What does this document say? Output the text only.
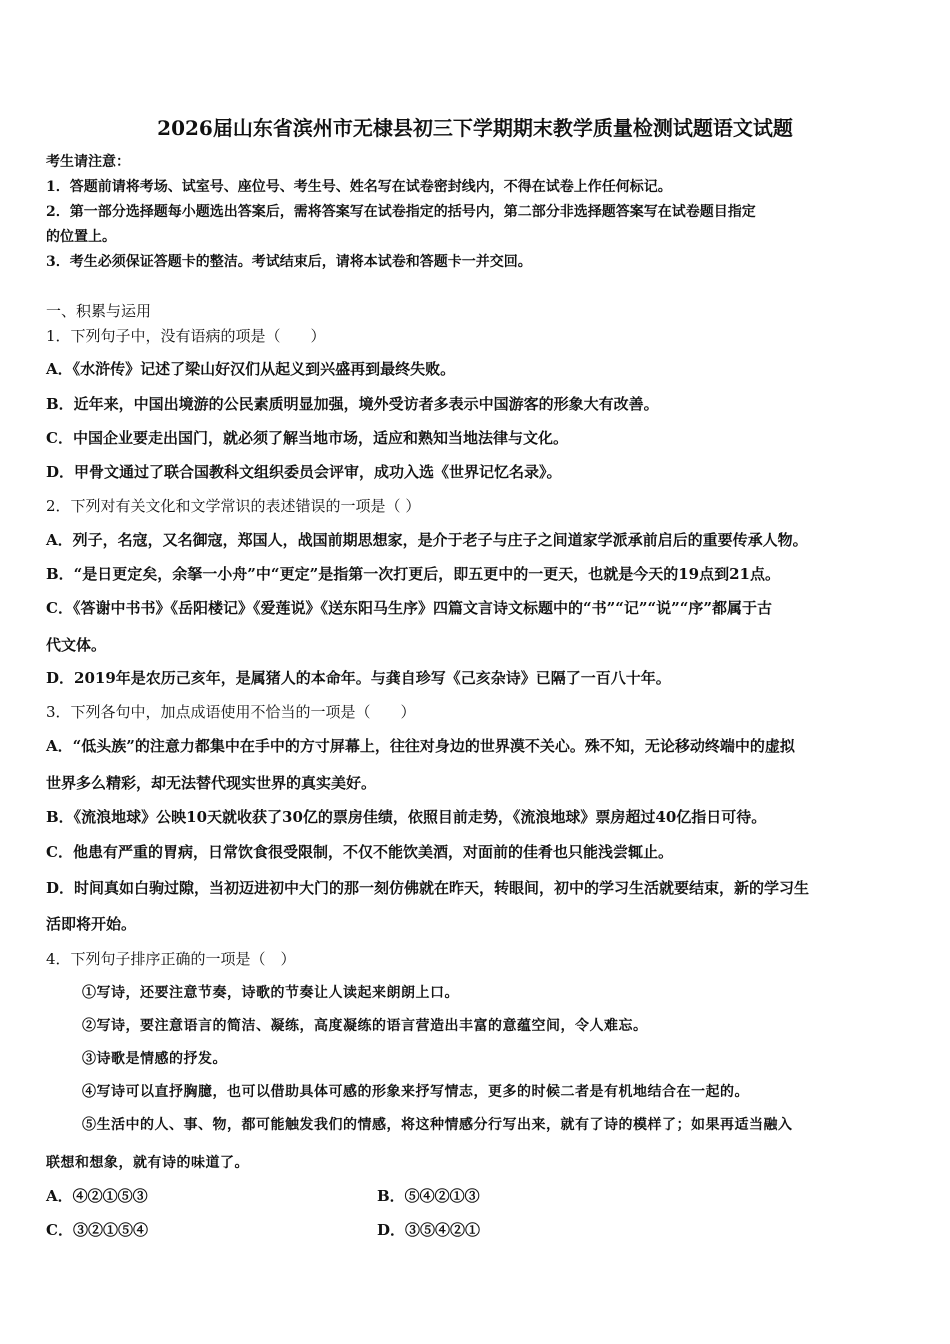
2026届山东省滨州市无棣县初三下学期期末教学质量检测试题语文试题
考生请注意：
1．答题前请将考场、试室号、座位号、考生号、姓名写在试卷密封线内，不得在试卷上作任何标记。
2．第一部分选择题每小题选出答案后，需将答案写在试卷指定的括号内，第二部分非选择题答案写在试卷题目指定
的位置上。
3．考生必须保证答题卡的整洁。考试结束后，请将本试卷和答题卡一并交回。
一、积累与运用
1．下列句子中，没有语病的项是（　　）
A．《水浒传》记述了梁山好汉们从起义到兴盛再到最终失败。
B．近年来，中国出境游的公民素质明显加强，境外受访者多表示中国游客的形象大有改善。
C．中国企业要走出国门，就必须了解当地市场，适应和熟知当地法律与文化。
D．甲骨文通过了联合国教科文组织委员会评审，成功入选《世界记忆名录》。
2．下列对有关文化和文学常识的表述错误的一项是（ ）
A．列子，名寇，又名御寇，郑国人，战国前期思想家，是介于老子与庄子之间道家学派承前启后的重要传承人物。
B．“是日更定矣，余拏一小舟”中“更定”是指第一次打更后，即五更中的一更天，也就是今天的19点到21点。
C．《答谢中书书》《岳阳楼记》《爱莲说》《送东阳马生序》四篇文言诗文标题中的“书”“记”“说”“序”都属于古
代文体。
D．2019年是农历己亥年，是属猪人的本命年。与龚自珍写《己亥杂诗》已隔了一百八十年。
3．下列各句中，加点成语使用不恰当的一项是（　　）
A．“低头族”的注意力都集中在手中的方寸屏幕上，往往对身边的世界漠不关心。殊不知，无论移动终端中的虚拟
世界多么精彩，却无法替代现实世界的真实美好。
B．《流浪地球》公映10天就收获了30亿的票房佳绩，依照目前走势，《流浪地球》票房超过40亿指日可待。
C．他患有严重的胃病，日常饮食很受限制，不仅不能饮美酒，对面前的佳肴也只能浅尝辄止。
D．时间真如白驹过隙，当初迈进初中大门的那一刻仿佛就在昨天，转眼间，初中的学习生活就要结束，新的学习生
活即将开始。
4．下列句子排序正确的一项是（　）
①写诗，还要注意节奏，诗歌的节奏让人读起来朗朗上口。
②写诗，要注意语言的简洁、凝练，高度凝练的语言营造出丰富的意蕴空间，令人难忘。
③诗歌是情感的抒发。
④写诗可以直抒胸臆，也可以借助具体可感的形象来抒写情志，更多的时候二者是有机地结合在一起的。
⑤生活中的人、事、物，都可能触发我们的情感，将这种情感分行写出来，就有了诗的模样了；如果再适当融入
联想和想象，就有诗的味道了。
A．④②①⑤③	B．⑤④②①③
C．③②①⑤④	D．③⑤④②①
